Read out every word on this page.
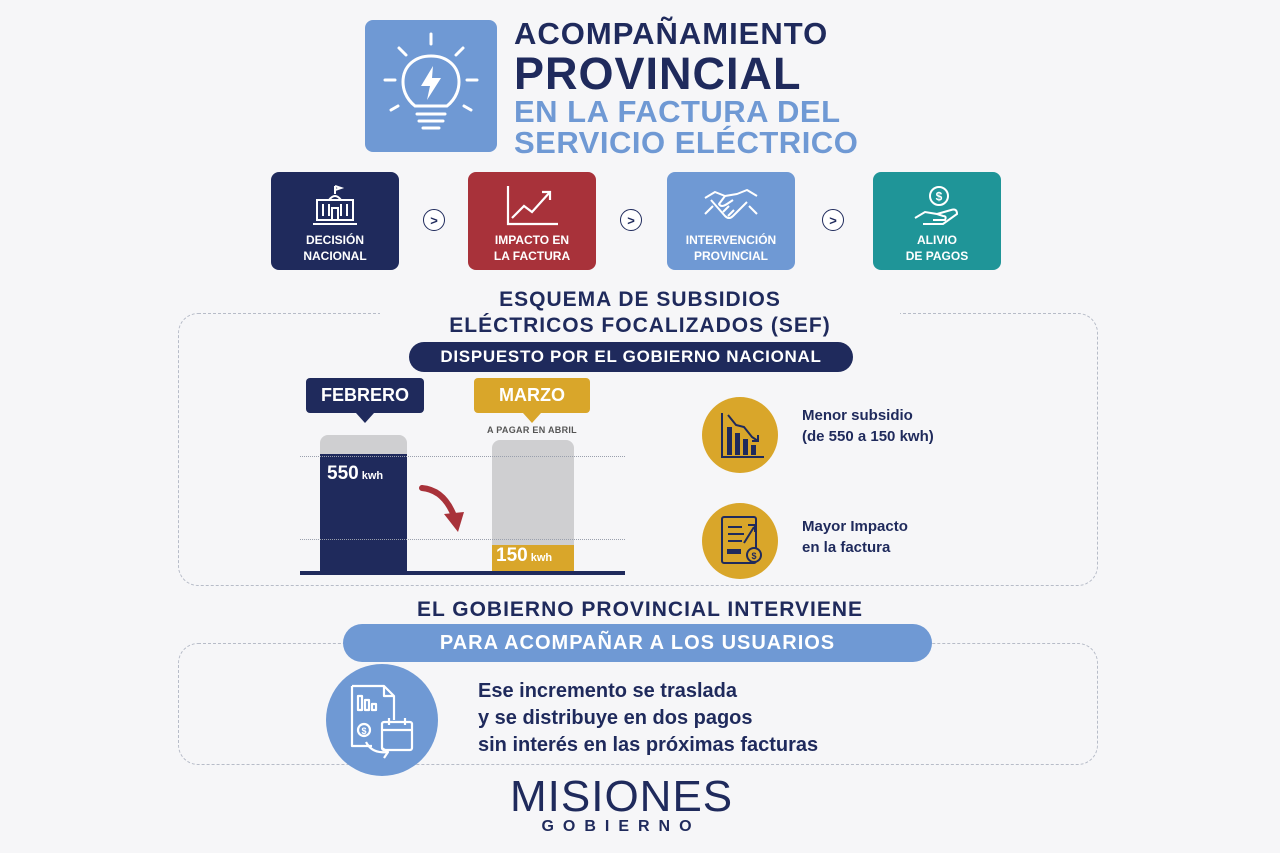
ACOMPAÑAMIENTO
PROVINCIAL
EN LA FACTURA DEL
SERVICIO ELÉCTRICO
DECISIÓN
NACIONAL
>
IMPACTO EN
LA FACTURA
>
INTERVENCIÓN
PROVINCIAL
>
$
ALIVIO
DE PAGOS
ESQUEMA DE SUBSIDIOS
ELÉCTRICOS FOCALIZADOS (SEF)
DISPUESTO POR EL GOBIERNO NACIONAL
FEBRERO	MARZO
A PAGAR EN ABRIL
550 kwh
150 kwh
Menor subsidio
(de 550 a 150 kwh)
$
Mayor Impacto
en la factura
EL GOBIERNO PROVINCIAL INTERVIENE
PARA ACOMPAÑAR A LOS USUARIOS
$
Ese incremento se traslada
y se distribuye en dos pagos
sin interés en las próximas facturas
MISIONES
GOBIERNO
